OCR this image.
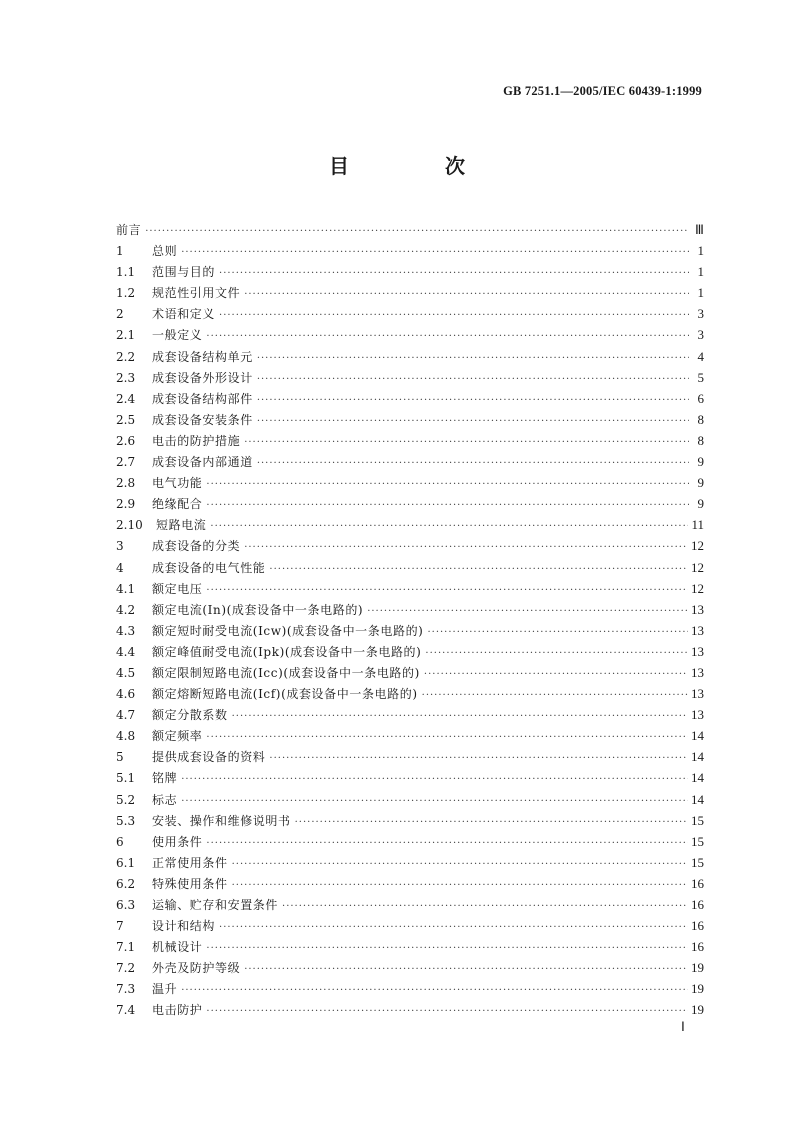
GB 7251.1—2005/IEC 60439-1:1999
目　次
前言 ·····	Ⅲ
1	总则 ·····	1
1.1	范围与目的 ·····	1
1.2	规范性引用文件 ·····	1
2	术语和定义 ·····	3
2.1	一般定义 ·····	3
2.2	成套设备结构单元 ·····	4
2.3	成套设备外形设计 ·····	5
2.4	成套设备结构部件 ·····	6
2.5	成套设备安装条件 ·····	8
2.6	电击的防护措施 ·····	8
2.7	成套设备内部通道 ·····	9
2.8	电气功能 ·····	9
2.9	绝缘配合 ·····	9
2.10	短路电流 ·····	11
3	成套设备的分类 ·····	12
4	成套设备的电气性能 ·····	12
4.1	额定电压 ·····	12
4.2	额定电流(In)(成套设备中一条电路的) ·····	13
4.3	额定短时耐受电流(Icw)(成套设备中一条电路的) ·····	13
4.4	额定峰值耐受电流(Ipk)(成套设备中一条电路的) ·····	13
4.5	额定限制短路电流(Icc)(成套设备中一条电路的) ·····	13
4.6	额定熔断短路电流(Icf)(成套设备中一条电路的) ·····	13
4.7	额定分散系数 ·····	13
4.8	额定频率 ·····	14
5	提供成套设备的资料 ·····	14
5.1	铭牌 ·····	14
5.2	标志 ·····	14
5.3	安装、操作和维修说明书 ·····	15
6	使用条件 ·····	15
6.1	正常使用条件 ·····	15
6.2	特殊使用条件 ·····	16
6.3	运输、贮存和安置条件 ·····	16
7	设计和结构 ·····	16
7.1	机械设计 ·····	16
7.2	外壳及防护等级 ·····	19
7.3	温升 ·····	19
7.4	电击防护 ·····	19
Ⅰ
